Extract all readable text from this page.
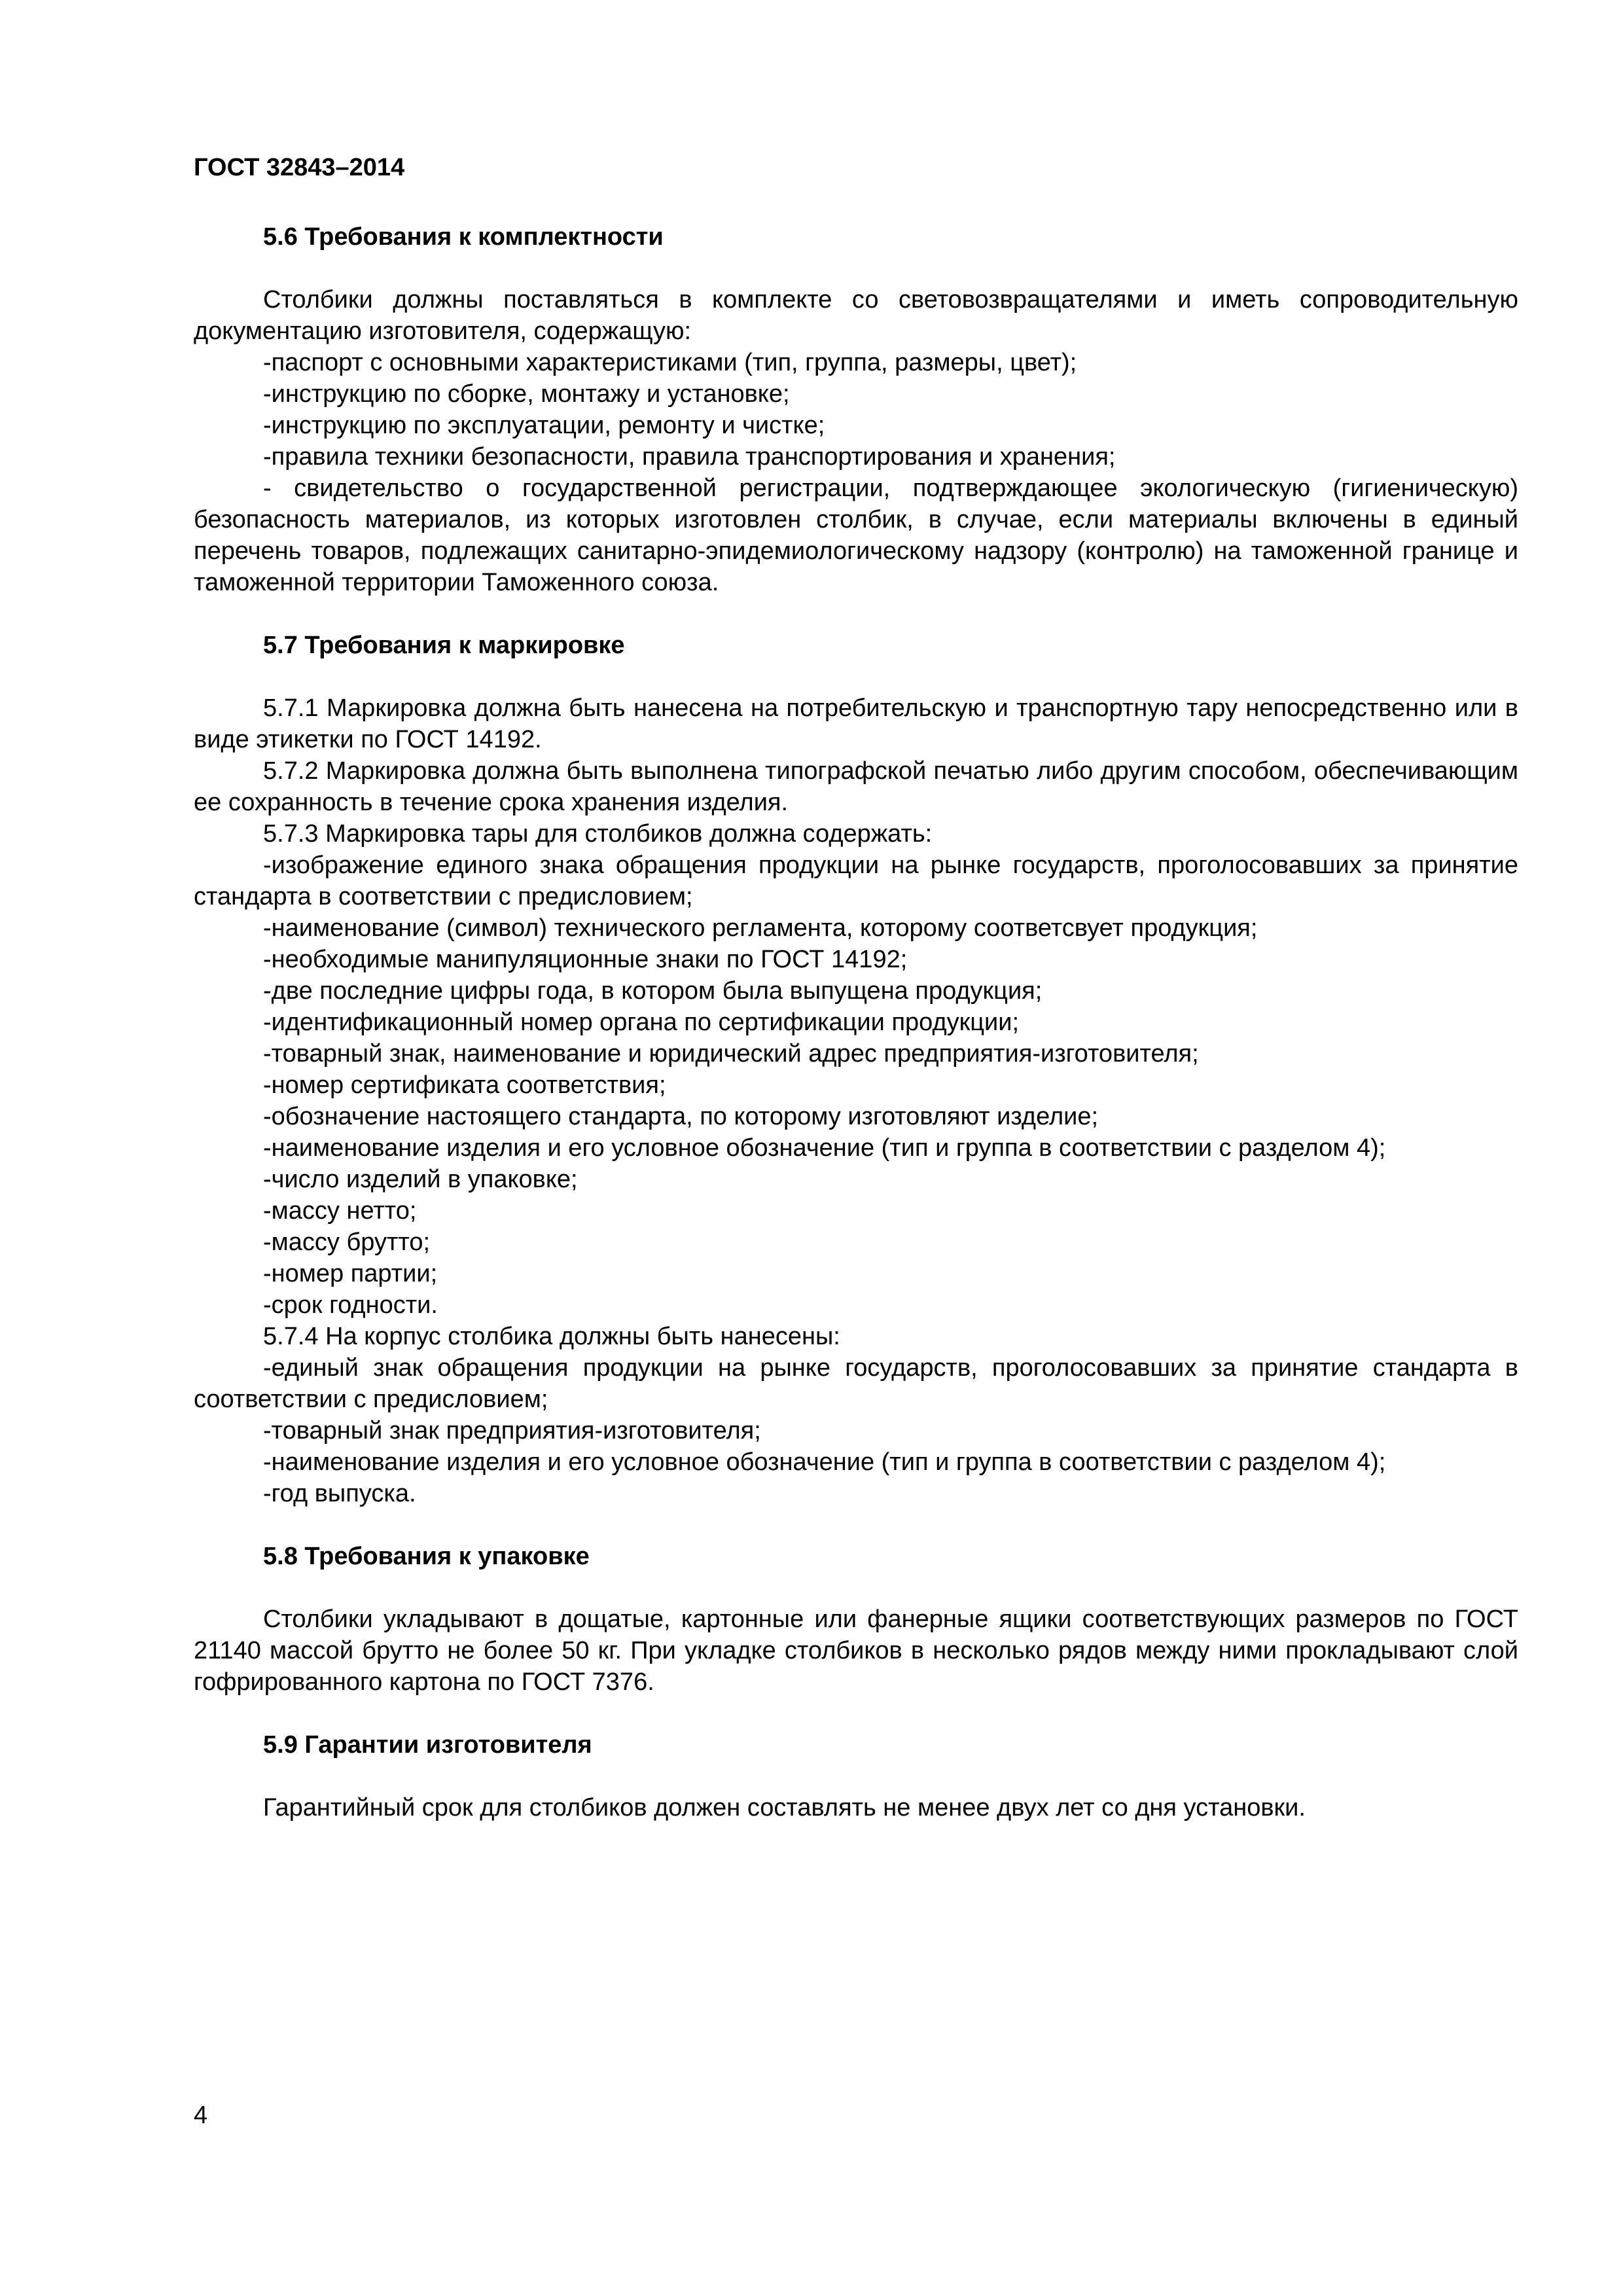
ГОСТ 32843–2014

5.6 Требования к комплектности

Столбики должны поставляться в комплекте со световозвращателями и иметь сопроводительную документацию изготовителя, содержащую:

-паспорт с основными характеристиками (тип, группа, размеры, цвет);

-инструкцию по сборке, монтажу и установке;

-инструкцию по эксплуатации, ремонту и чистке;

-правила техники безопасности, правила транспортирования и хранения;

- свидетельство о государственной регистрации, подтверждающее экологическую (гигиеническую) безопасность материалов, из которых изготовлен столбик, в случае, если материалы включены в единый перечень товаров, подлежащих санитарно-эпидемиологическому надзору (контролю) на таможенной границе и таможенной территории Таможенного союза.

5.7 Требования к маркировке

5.7.1 Маркировка должна быть нанесена на потребительскую и транспортную тару непосредственно или в виде этикетки по ГОСТ 14192.

5.7.2 Маркировка должна быть выполнена типографской печатью либо другим способом, обеспечивающим ее сохранность в течение срока хранения изделия.

5.7.3 Маркировка тары для столбиков должна содержать:

-изображение единого знака обращения продукции на рынке государств, проголосовавших за принятие стандарта в соответствии с предисловием;

-наименование (символ) технического регламента, которому соответсвует продукция;

-необходимые манипуляционные знаки по ГОСТ 14192;

-две последние цифры года, в котором была выпущена продукция;

-идентификационный номер органа по сертификации продукции;

-товарный знак, наименование и юридический адрес предприятия-изготовителя;

-номер сертификата соответствия;

-обозначение настоящего стандарта, по которому изготовляют изделие;

-наименование изделия и его условное обозначение (тип и группа в соответствии с разделом 4);

-число изделий в упаковке;

-массу нетто;

-массу брутто;

-номер партии;

-срок годности.

5.7.4 На корпус столбика должны быть нанесены:

-единый знак обращения продукции на рынке государств, проголосовавших за принятие стандарта в соответствии с предисловием;

-товарный знак предприятия-изготовителя;

-наименование изделия и его условное обозначение (тип и группа в соответствии с разделом 4);

-год выпуска.

5.8 Требования к упаковке

Столбики укладывают в дощатые, картонные или фанерные ящики соответствующих размеров по ГОСТ 21140 массой брутто не более 50 кг. При укладке столбиков в несколько рядов между ними прокладывают слой гофрированного картона по ГОСТ 7376.

5.9 Гарантии изготовителя

Гарантийный срок для столбиков должен составлять не менее двух лет со дня установки.

4
